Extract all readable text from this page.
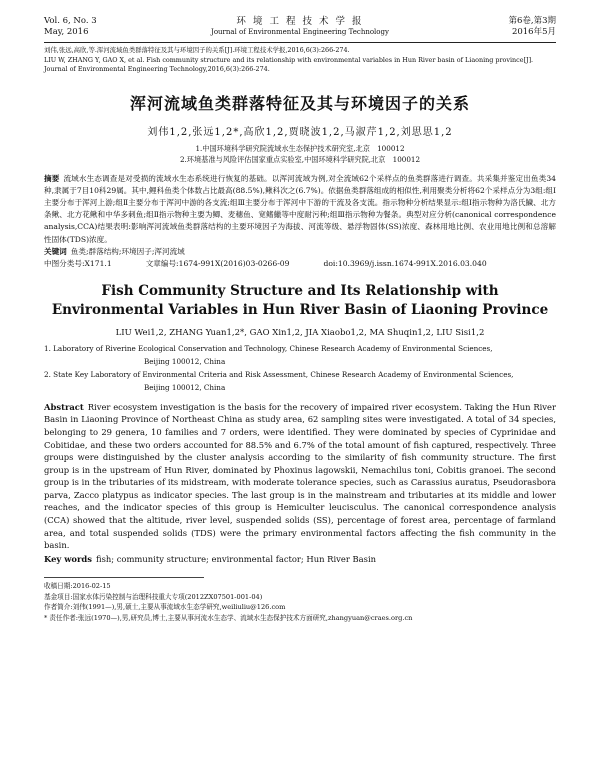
Vol. 6, No. 3
May, 2016
环 境 工 程 技 术 学 报
Journal of Environmental Engineering Technology
第6卷,第3期
2016年5月
刘伟,张远,高欣,等.浑河流域鱼类群落特征及其与环境因子的关系[J].环境工程技术学报,2016,6(3):266-274.
LIU W, ZHANG Y, GAO X, et al. Fish community structure and its relationship with environmental variables in Hun River basin of Liaoning province[J]. Journal of Environmental Engineering Technology,2016,6(3):266-274.
浑河流域鱼类群落特征及其与环境因子的关系
刘伟1,2,张远1,2*,高欣1,2,贾晓波1,2,马淑芹1,2,刘思思1,2
1.中国环境科学研究院流域水生态保护技术研究室,北京　100012
2.环境基准与风险评估国家重点实验室,中国环境科学研究院,北京　100012
摘要 流域水生态调查是对受损的流域水生态系统进行恢复的基础。以浑河流域为例,对全流域62个采样点的鱼类群落进行调查。共采集并鉴定出鱼类34种,隶属于7目10科29属。其中,鲤科鱼类个体数占比最高(88.5%),鳅科次之(6.7%)。依据鱼类群落组成的相似性,利用聚类分析将62个采样点分为3组:组Ⅰ主要分布于浑河上游;组Ⅱ主要分布于浑河中游的各支流;组Ⅲ主要分布于浑河中下游的干流及各支流。指示物种分析结果显示:组Ⅰ指示物种为洛氏鱥、北方条鳅、北方花鳅和中华多刺鱼;组Ⅱ指示物种主要为鲫、麦穗鱼、宽鳍鱲等中度耐污种;组Ⅲ指示物种为餐条。典型对应分析(canonical correspondence analysis,CCA)结果表明:影响浑河流域鱼类群落结构的主要环境因子为海拔、河流等级、悬浮物固体(SS)浓度、森林用地比例、农业用地比例和总溶解性固体(TDS)浓度。
关键词 鱼类;群落结构;环境因子;浑河流域
中图分类号:X171.1	文章编号:1674-991X(2016)03-0266-09	doi:10.3969/j.issn.1674-991X.2016.03.040
Fish Community Structure and Its Relationship with Environmental Variables in Hun River Basin of Liaoning Province
LIU Wei1,2, ZHANG Yuan1,2*, GAO Xin1,2, JIA Xiaobo1,2, MA Shuqin1,2, LIU Sisi1,2

1. Laboratory of Riverine Ecological Conservation and Technology, Chinese Research Academy of Environmental Sciences,

Beijing 100012, China

2. State Key Laboratory of Environmental Criteria and Risk Assessment, Chinese Research Academy of Environmental Sciences,

Beijing 100012, China

Abstract River ecosystem investigation is the basis for the recovery of impaired river ecosystem. Taking the Hun River Basin in Liaoning Province of Northeast China as study area, 62 sampling sites were investigated. A total of 34 species, belonging to 29 genera, 10 families and 7 orders, were identified. They were dominated by species of Cyprinidae and Cobitidae, and these two orders accounted for 88.5% and 6.7% of the total amount of fish captured, respectively. Three groups were distinguished by the cluster analysis according to the similarity of fish community structure. The first group is in the upstream of Hun River, dominated by Phoxinus lagowskii, Nemachilus toni, Cobitis granoei. The second group is in the tributaries of its midstream, with moderate tolerance species, such as Carassius auratus, Pseudorasbora parva, Zacco platypus as indicator species. The last group is in the mainstream and tributaries at its middle and lower reaches, and the indicator species of this group is Hemiculter leucisculus. The canonical correspondence analysis (CCA) showed that the altitude, river level, suspended solids (SS), percentage of forest area, percentage of farmland area, and total suspended solids (TDS) were the primary environmental factors affecting the fish community in the basin.
Key words fish; community structure; environmental factor; Hun River Basin
收稿日期:2016-02-15
基金项目:国家水体污染控制与治理科技重大专项(2012ZX07501-001-04)
作者简介:刘伟(1991—),男,硕士,主要从事流域水生态学研究,weiliuliu@126.com
* 责任作者:张远(1970—),男,研究员,博士,主要从事河流水生态学、流域水生态保护技术方面研究,zhangyuan@craes.org.cn
